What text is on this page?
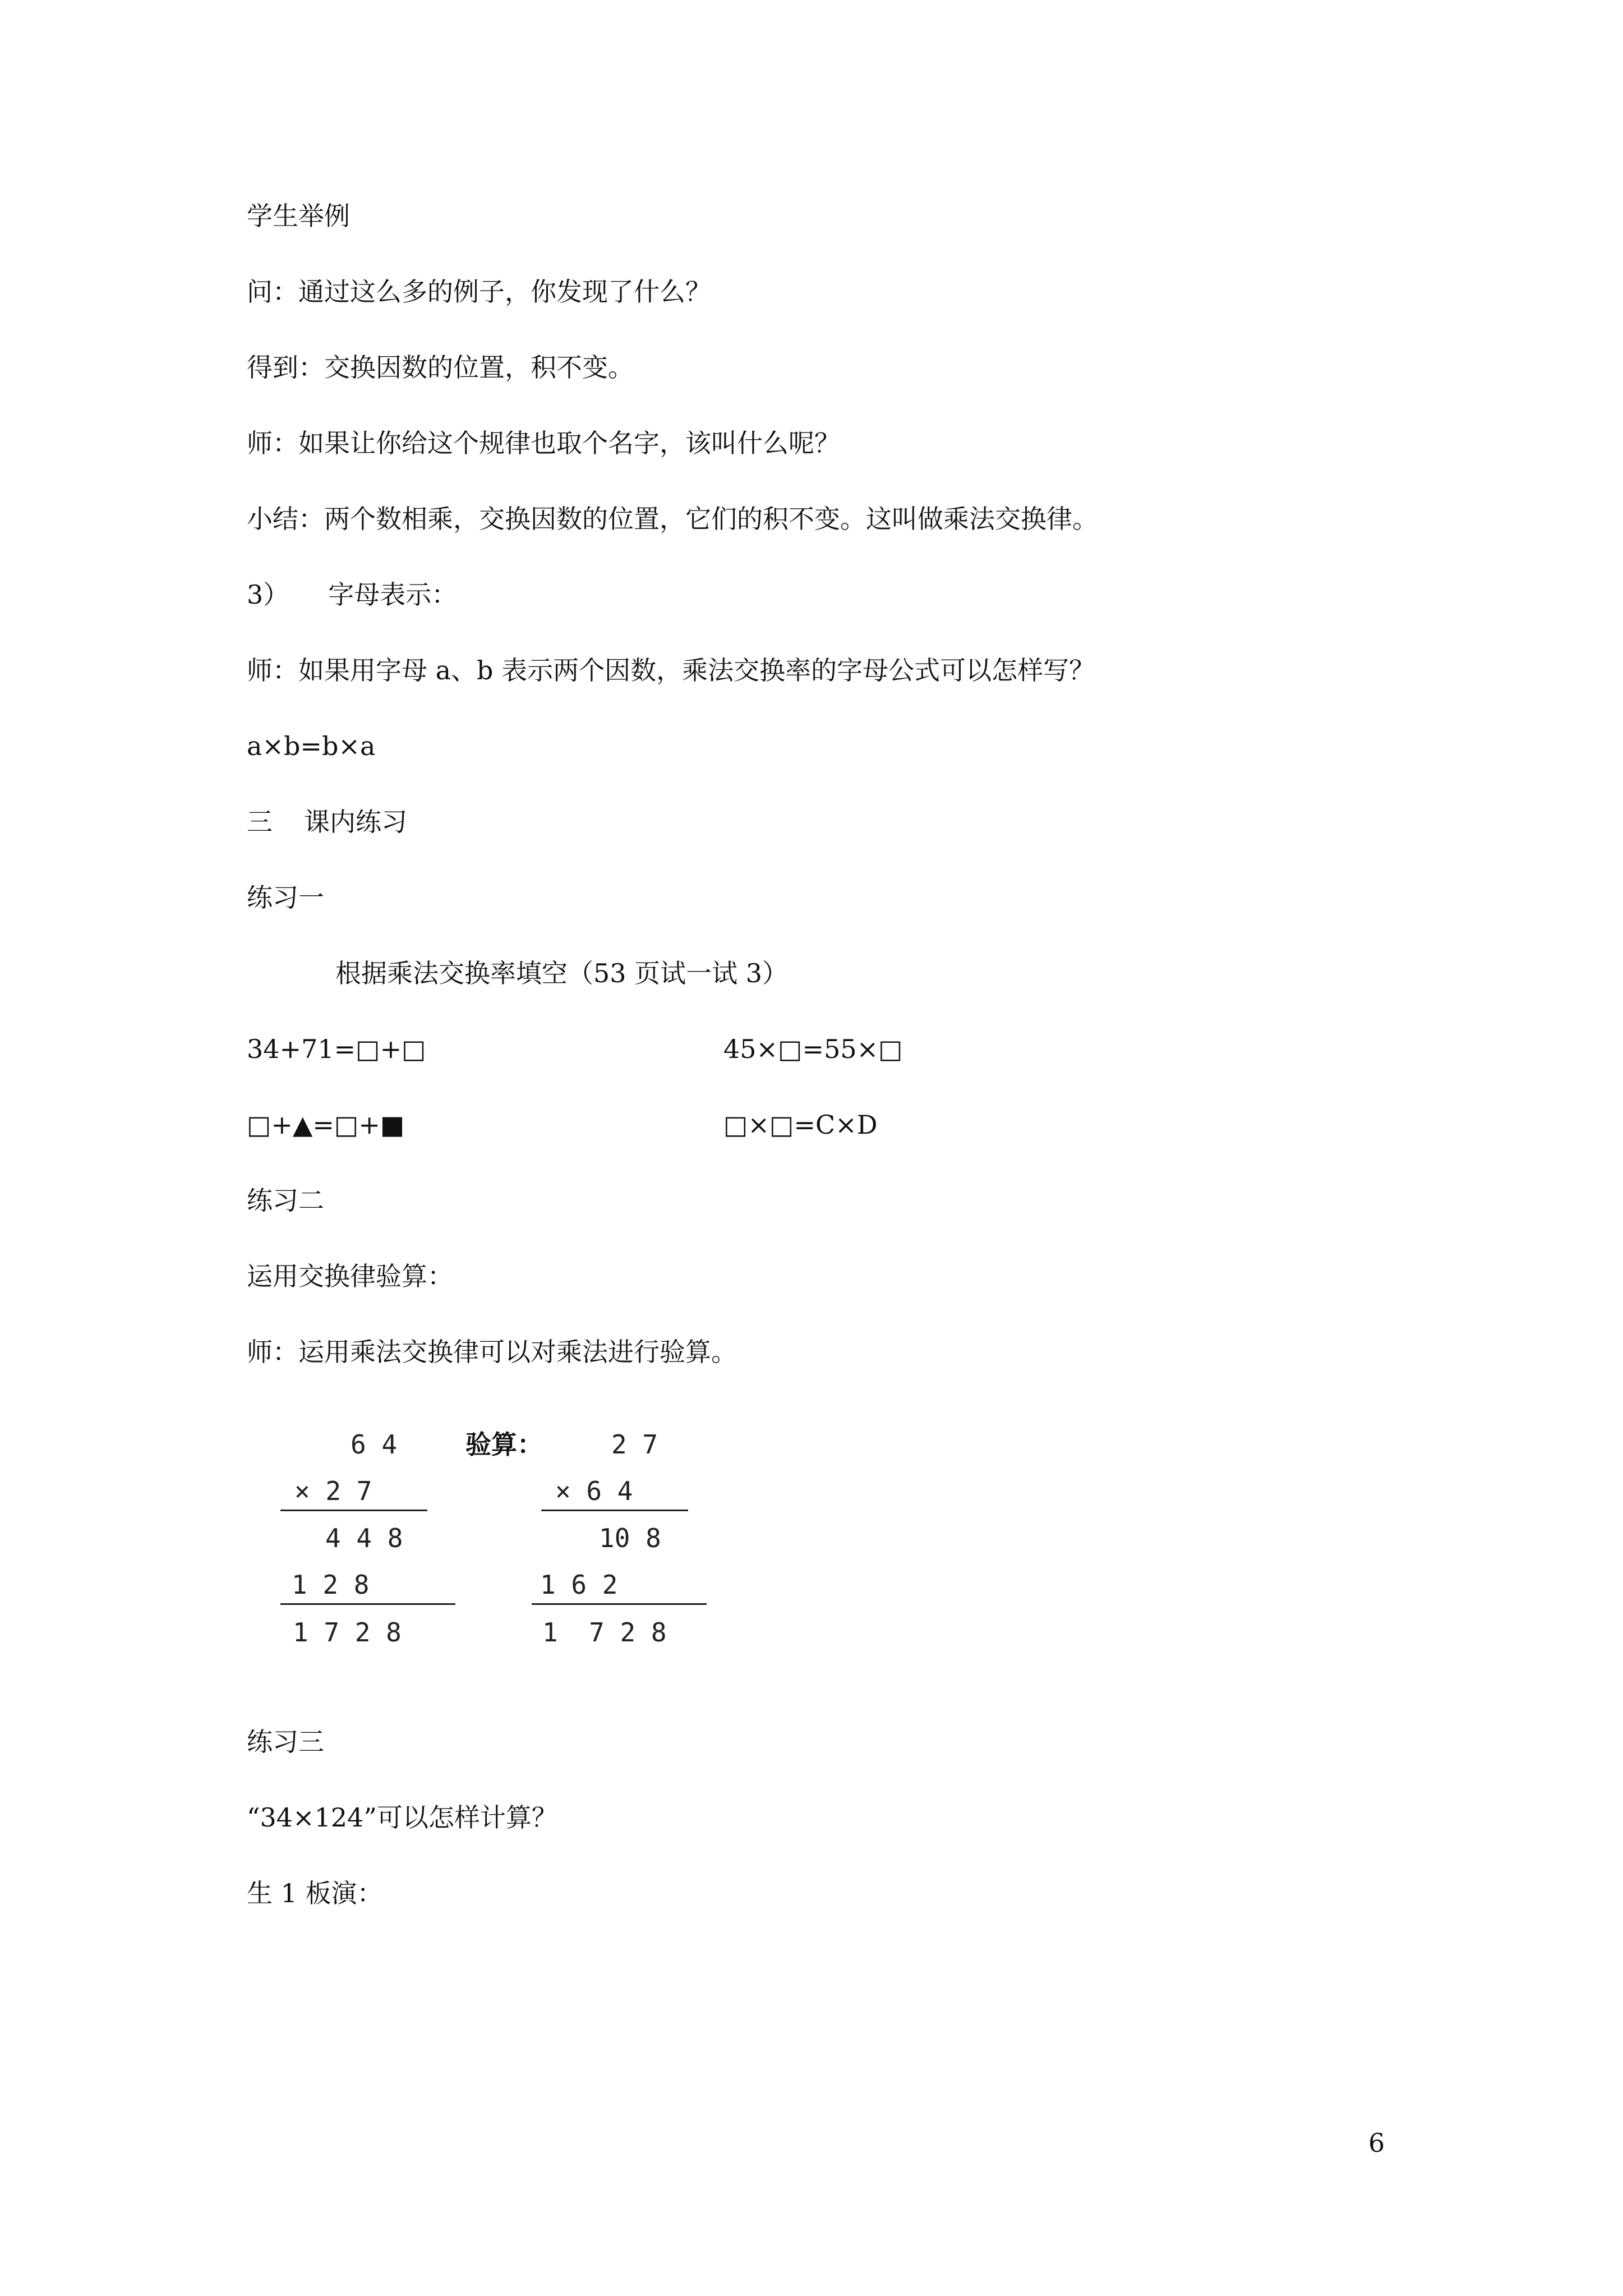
学生举例
问：通过这么多的例子，你发现了什么？
得到：交换因数的位置，积不变。
师：如果让你给这个规律也取个名字，该叫什么呢？
小结：两个数相乘，交换因数的位置，它们的积不变。这叫做乘法交换律。
3） 字母表示：
师：如果用字母 a、b 表示两个因数，乘法交换率的字母公式可以怎样写？
a×b=b×a
三 课内练习
练习一
根据乘法交换率填空（53 页试一试 3）
34+71=□+□	45×□=55×□
□+▲=□+■	□×□=C×D
练习二
运用交换律验算：
师：运用乘法交换律可以对乘法进行验算。
6 4
× 2 7
4 4 8
1 2 8
1 7 2 8
验算：	2 7
× 6 4
10 8
1 6 2
1  7 2 8
练习三
“34×124”可以怎样计算？
生 1 板演：
6
